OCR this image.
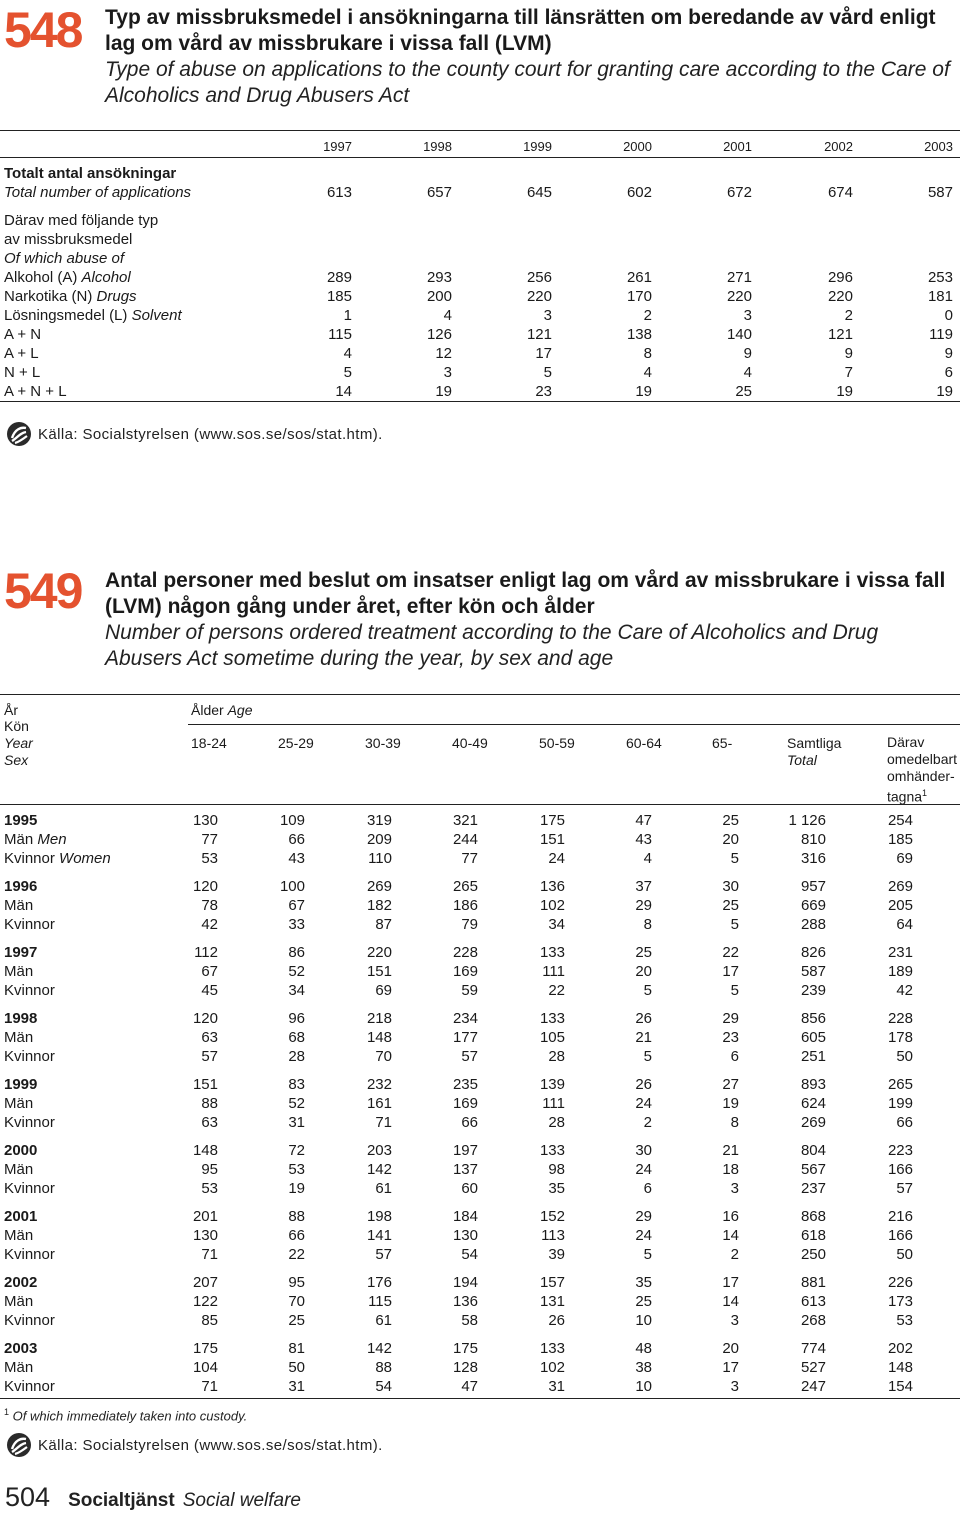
548 Typ av missbruksmedel i ansökningarna till länsrätten om beredande av vård enligt lag om vård av missbrukare i vissa fall (LVM)
Type of abuse on applications to the county court for granting care according to the Care of Alcoholics and Drug Abusers Act
1997	1998	1999	2000	2001	2002	2003
Totalt antal ansökningar
Total number of applications	613	657	645	602	672	674	587
Därav med följande typ
av missbruksmedel
Of which abuse of
Alkohol (A) Alcohol	289	293	256	261	271	296	253
Narkotika (N) Drugs	185	200	220	170	220	220	181
Lösningsmedel (L) Solvent	1	4	3	2	3	2	0
A + N	115	126	121	138	140	121	119
A + L	4	12	17	8	9	9	9
N + L	5	3	5	4	4	7	6
A + N + L	14	19	23	19	25	19	19
Källa: Socialstyrelsen (www.sos.se/sos/stat.htm).
549 Antal personer med beslut om insatser enligt lag om vård av missbrukare i vissa fall (LVM) någon gång under året, efter kön och ålder
Number of persons ordered treatment according to the Care of Alcoholics and Drug Abusers Act sometime during the year, by sex and age
År	Ålder Age
Kön
Year
Sex
18-24	25-29	30-39	40-49	50-59	60-64	65-	Samtliga
Total
Därav
omedelbart
omhänder-
tagna$^1$
1995	130	109	319	321	175	47	25	1 126	254
Män Men	77	66	209	244	151	43	20	810	185
Kvinnor Women	53	43	110	77	24	4	5	316	69
1996	120	100	269	265	136	37	30	957	269
Män	78	67	182	186	102	29	25	669	205
Kvinnor	42	33	87	79	34	8	5	288	64
1997	112	86	220	228	133	25	22	826	231
Män	67	52	151	169	111	20	17	587	189
Kvinnor	45	34	69	59	22	5	5	239	42
1998	120	96	218	234	133	26	29	856	228
Män	63	68	148	177	105	21	23	605	178
Kvinnor	57	28	70	57	28	5	6	251	50
1999	151	83	232	235	139	26	27	893	265
Män	88	52	161	169	111	24	19	624	199
Kvinnor	63	31	71	66	28	2	8	269	66
2000	148	72	203	197	133	30	21	804	223
Män	95	53	142	137	98	24	18	567	166
Kvinnor	53	19	61	60	35	6	3	237	57
2001	201	88	198	184	152	29	16	868	216
Män	130	66	141	130	113	24	14	618	166
Kvinnor	71	22	57	54	39	5	2	250	50
2002	207	95	176	194	157	35	17	881	226
Män	122	70	115	136	131	25	14	613	173
Kvinnor	85	25	61	58	26	10	3	268	53
2003	175	81	142	175	133	48	20	774	202
Män	104	50	88	128	102	38	17	527	148
Kvinnor	71	31	54	47	31	10	3	247	154
$^1$ Of which immediately taken into custody.
Källa: Socialstyrelsen (www.sos.se/sos/stat.htm).
504 Socialtjänst Social welfare
